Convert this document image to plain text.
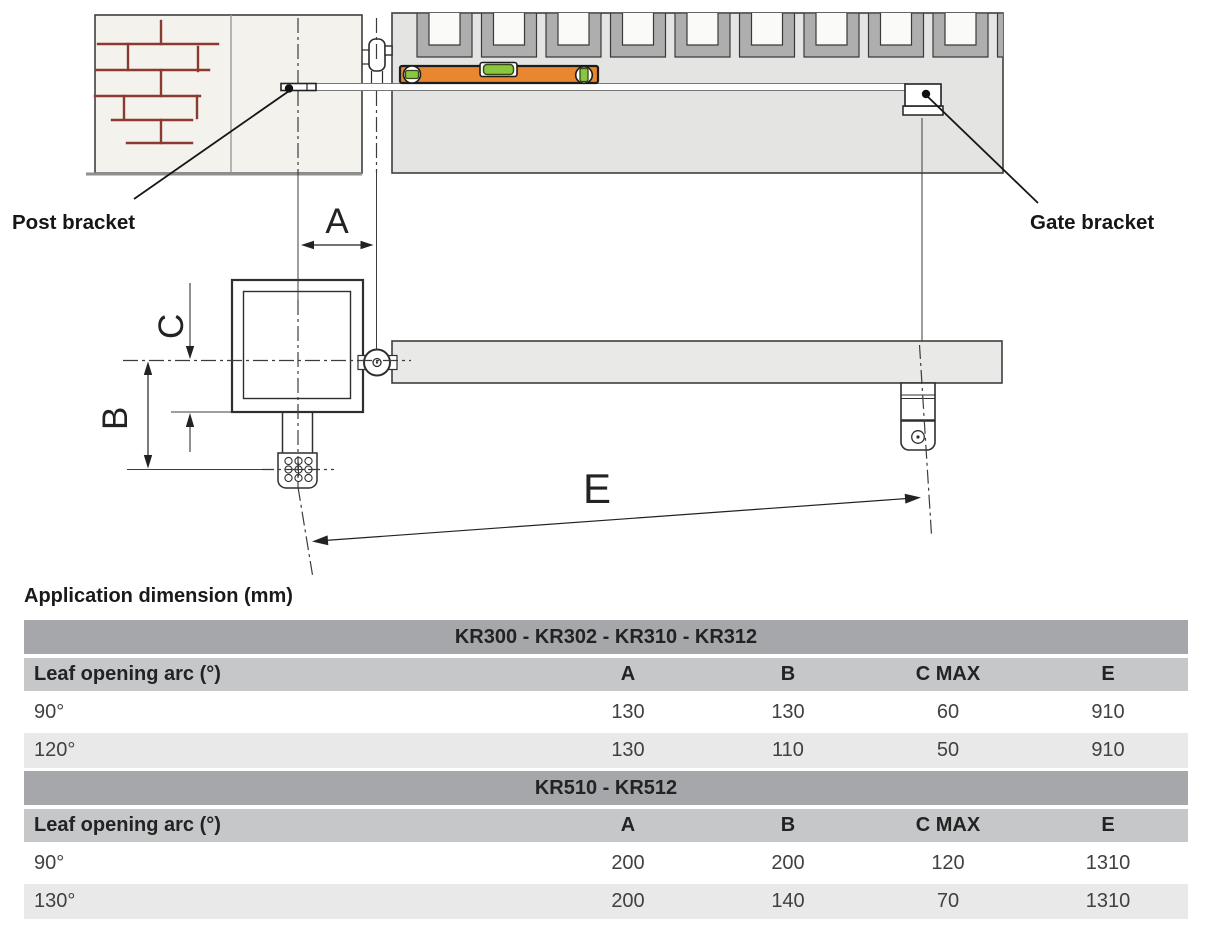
Post bracket	Gate bracket
A
B
C
E
Application dimension (mm)
KR300 - KR302 - KR310 - KR312
Leaf opening arc (°)	A	B	C MAX	E
90°	130	130	60	910
120°	130	110	50	910
KR510 - KR512
Leaf opening arc (°)	A	B	C MAX	E
90°	200	200	120	1310
130°	200	140	70	1310
